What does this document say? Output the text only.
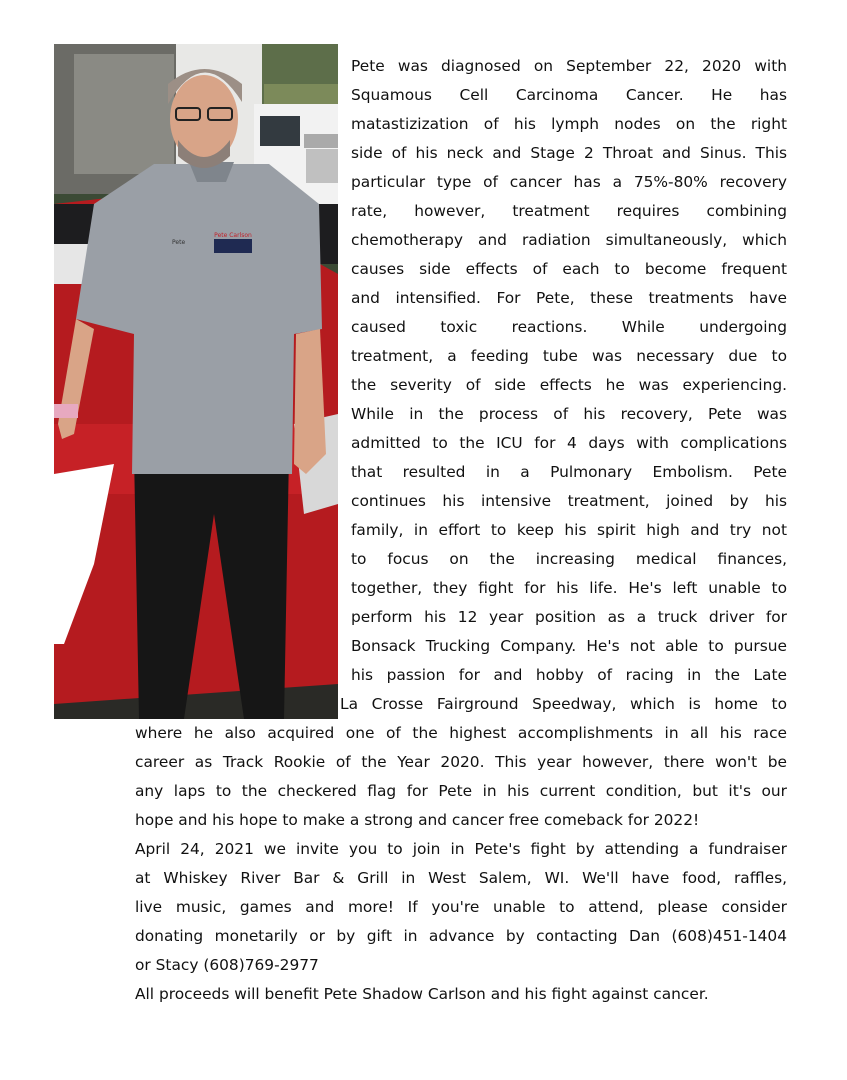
Pete Carlson
Pete

Pete was diagnosed on September 22, 2020 with

Squamous Cell Carcinoma Cancer. He has

matastizization of his lymph nodes on the right

side of his neck and Stage 2 Throat and Sinus. This

particular type of cancer has a 75%-80% recovery

rate, however, treatment requires combining

chemotherapy and radiation simultaneously, which

causes side effects of each to become frequent

and intensified. For Pete, these treatments have

caused toxic reactions. While undergoing

treatment, a feeding tube was necessary due to

the severity of side effects he was experiencing.

While in the process of his recovery, Pete was

admitted to the ICU for 4 days with complications

that resulted in a Pulmonary Embolism. Pete

continues his intensive treatment, joined by his

family, in effort to keep his spirit high and try not

to focus on the increasing medical finances,

together, they fight for his life. He's left unable to

perform his 12 year position as a truck driver for

Bonsack Trucking Company. He's not able to pursue

his passion for and hobby of racing in the Late

La Crosse Fairground Speedway, which is home to

where he also acquired one of the highest accomplishments in all his race

career as Track Rookie of the Year 2020. This year however, there won't be

any laps to the checkered flag for Pete in his current condition, but it's our

hope and his hope to make a strong and cancer free comeback for 2022!

April 24, 2021 we invite you to join in Pete's fight by attending a fundraiser

at Whiskey River Bar & Grill in West Salem, WI. We'll have food, raffles,

live music, games and more! If you're unable to attend, please consider

donating monetarily or by gift in advance by contacting Dan (608)451-1404

or Stacy (608)769-2977

All proceeds will benefit Pete Shadow Carlson and his fight against cancer.
